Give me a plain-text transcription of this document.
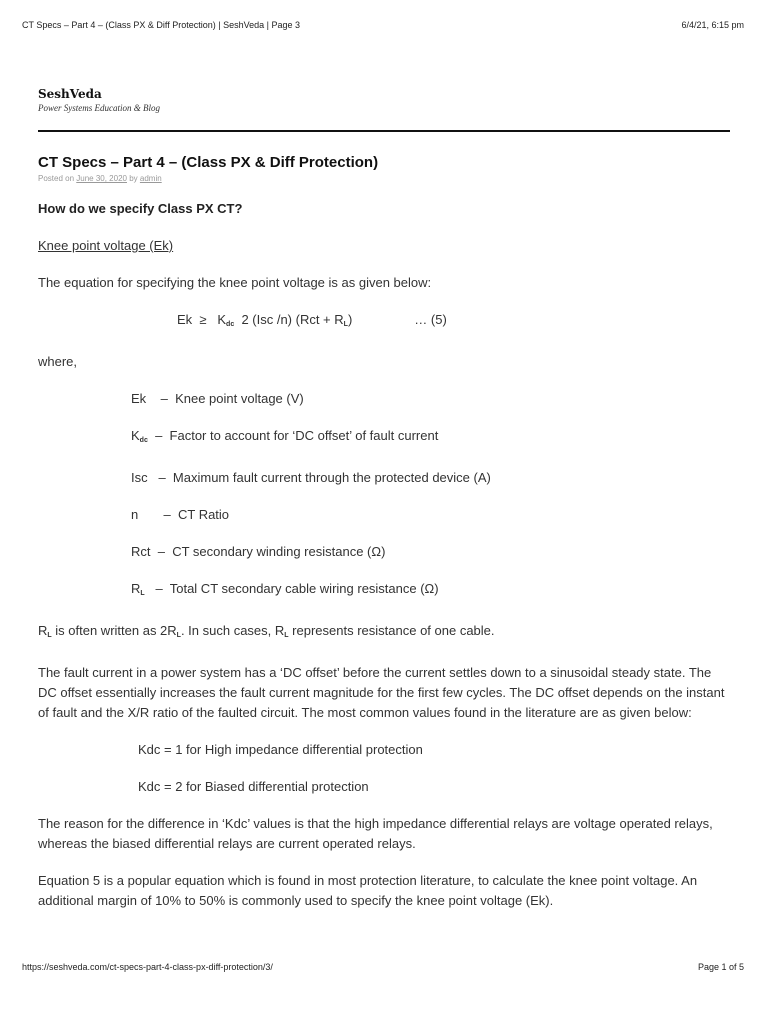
CT Specs – Part 4 – (Class PX & Diff Protection) | SeshVeda | Page 3	6/4/21, 6:15 pm
SeshVeda
Power Systems Education & Blog
CT Specs – Part 4 – (Class PX & Diff Protection)
Posted on June 30, 2020 by admin
How do we specify Class PX CT?
Knee point voltage (Ek)
The equation for specifying the knee point voltage is as given below:
$Ek \ge K_{dc}$  2 (Isc /n) $(Rct + R_L)$	… (5)
where,
Ek    –  Knee point voltage (V)
$K_{dc}$  –  Factor to account for ‘DC offset’ of fault current
Isc   –  Maximum fault current through the protected device (A)
n       –  CT Ratio
Rct  –  CT secondary winding resistance (Ω)
$R_L$   –  Total CT secondary cable wiring resistance (Ω)
$R_L$ is often written as $2R_L$. In such cases, $R_L$ represents resistance of one cable.
The fault current in a power system has a ‘DC offset’ before the current settles down to a sinusoidal steady state. The DC offset essentially increases the fault current magnitude for the first few cycles. The DC offset depends on the instant of fault and the X/R ratio of the faulted circuit. The most common values found in the literature are as given below:
Kdc = 1 for High impedance differential protection
Kdc = 2 for Biased differential protection
The reason for the difference in ‘Kdc’ values is that the high impedance differential relays are voltage operated relays, whereas the biased differential relays are current operated relays.
Equation 5 is a popular equation which is found in most protection literature, to calculate the knee point voltage. An additional margin of 10% to 50% is commonly used to specify the knee point voltage (Ek).
https://seshveda.com/ct-specs-part-4-class-px-diff-protection/3/	Page 1 of 5
